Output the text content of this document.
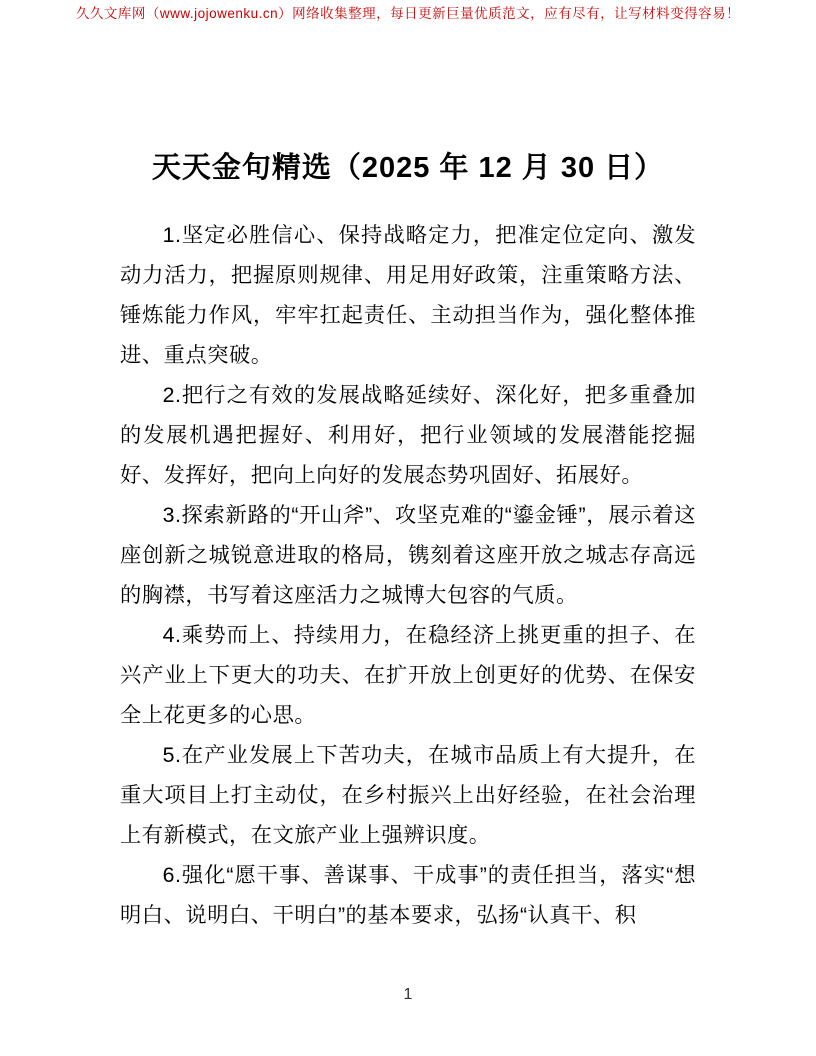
久久文库网（www.jojowenku.cn）网络收集整理，每日更新巨量优质范文，应有尽有，让写材料变得容易！
天天金句精选（2025 年 12 月 30 日）

1.坚定必胜信心、保持战略定力，把准定位定向、激发动力活力，把握原则规律、用足用好政策，注重策略方法、锤炼能力作风，牢牢扛起责任、主动担当作为，强化整体推进、重点突破。

2.把行之有效的发展战略延续好、深化好，把多重叠加的发展机遇把握好、利用好，把行业领域的发展潜能挖掘好、发挥好，把向上向好的发展态势巩固好、拓展好。

3.探索新路的“开山斧”、攻坚克难的“鎏金锤”，展示着这座创新之城锐意进取的格局，镌刻着这座开放之城志存高远的胸襟，书写着这座活力之城博大包容的气质。

4.乘势而上、持续用力，在稳经济上挑更重的担子、在兴产业上下更大的功夫、在扩开放上创更好的优势、在保安全上花更多的心思。

5.在产业发展上下苦功夫，在城市品质上有大提升，在重大项目上打主动仗，在乡村振兴上出好经验，在社会治理上有新模式，在文旅产业上强辨识度。

6.强化“愿干事、善谋事、干成事”的责任担当，落实“想明白、说明白、干明白”的基本要求，弘扬“认真干、积

1
